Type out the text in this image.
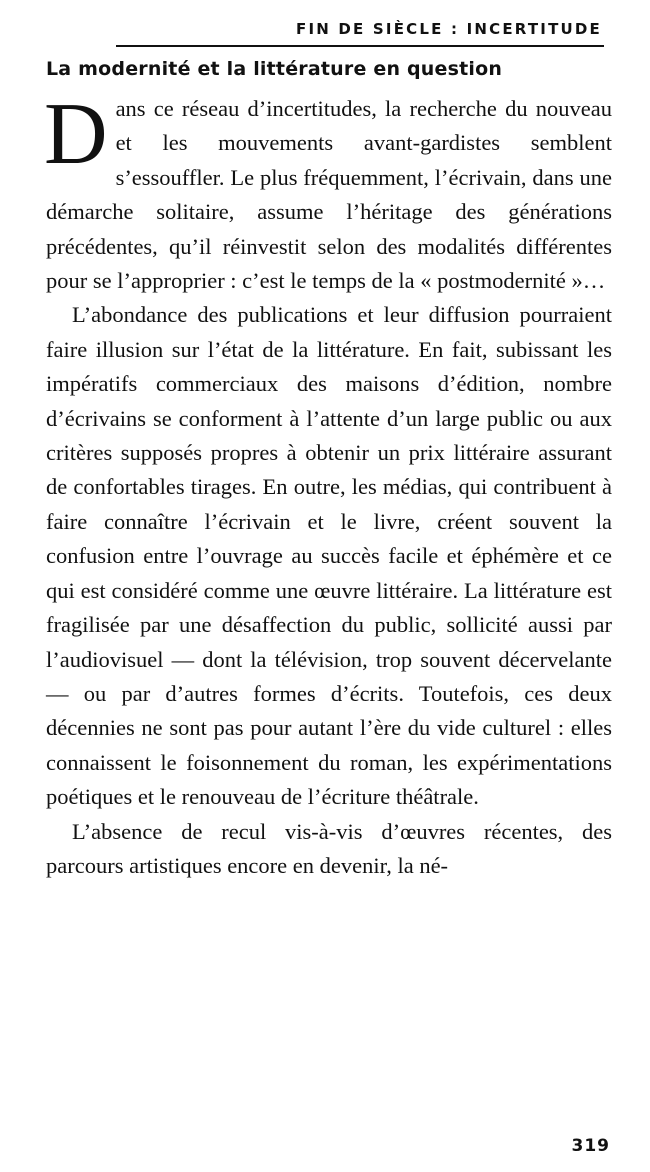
FIN DE SIÈCLE : INCERTITUDE
La modernité et la littérature en question

Dans ce réseau d’incertitudes, la recherche du nouveau et les mouvements avant-gardistes semblent s’essouffler. Le plus fréquemment, l’écrivain, dans une démarche solitaire, assume l’héritage des générations précédentes, qu’il réinvestit selon des modalités différentes pour se l’approprier : c’est le temps de la « postmodernité »…

L’abondance des publications et leur diffusion pourraient faire illusion sur l’état de la littérature. En fait, subissant les impératifs commerciaux des maisons d’édition, nombre d’écrivains se conforment à l’attente d’un large public ou aux critères supposés propres à obtenir un prix littéraire assurant de confortables tirages. En outre, les médias, qui contribuent à faire connaître l’écrivain et le livre, créent souvent la confusion entre l’ouvrage au succès facile et éphémère et ce qui est considéré comme une œuvre littéraire. La littérature est fragilisée par une désaffection du public, sollicité aussi par l’audiovisuel — dont la télévision, trop souvent décervelante — ou par d’autres formes d’écrits. Toutefois, ces deux décennies ne sont pas pour autant l’ère du vide culturel : elles connaissent le foisonnement du roman, les expérimentations poétiques et le renouveau de l’écriture théâtrale.

L’absence de recul vis-à-vis d’œuvres récentes, des parcours artistiques encore en devenir, la né-

319
